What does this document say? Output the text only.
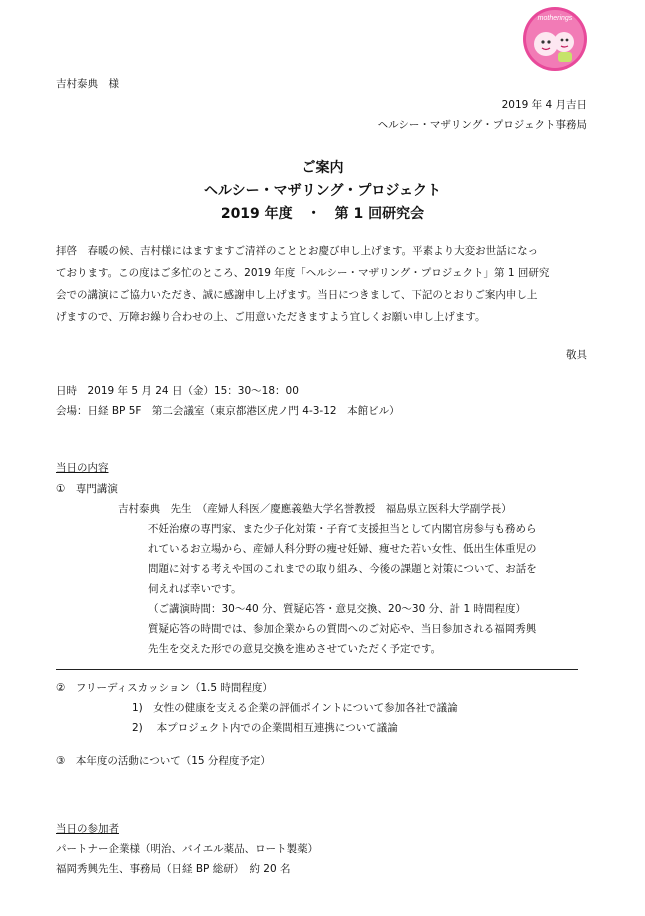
motherings
吉村泰典　様
2019 年 4 月吉日
ヘルシー・マザリング・プロジェクト事務局
ご案内
ヘルシー・マザリング・プロジェクト
2019 年度　・　第 1 回研究会
拝啓　春暖の候、吉村様にはますますご清祥のこととお慶び申し上げます。平素より大変お世話になっ
ております。この度はご多忙のところ、2019 年度「ヘルシー・マザリング・プロジェクト」第 1 回研究
会での講演にご協力いただき、誠に感謝申し上げます。当日につきまして、下記のとおりご案内申し上
げますので、万障お繰り合わせの上、ご用意いただきますよう宜しくお願い申し上げます。
敬具
日時　2019 年 5 月 24 日（金）15：30〜18：00
会場：日経 BP 5F　第二会議室（東京都港区虎ノ門 4-3-12　本館ビル）
当日の内容
①　専門講演
吉村泰典　先生　（産婦人科医／慶應義塾大学名誉教授　福島県立医科大学副学長）
不妊治療の専門家、また少子化対策・子育て支援担当として内閣官房参与も務めら
れているお立場から、産婦人科分野の痩せ妊婦、痩せた若い女性、低出生体重児の
問題に対する考えや国のこれまでの取り組み、今後の課題と対策について、お話を
伺えれば幸いです。
（ご講演時間：30〜40 分、質疑応答・意見交換、20〜30 分、計 1 時間程度）
質疑応答の時間では、参加企業からの質問へのご対応や、当日参加される福岡秀興
先生を交えた形での意見交換を進めさせていただく予定です。
②　フリーディスカッション（1.5 時間程度）
1)　女性の健康を支える企業の評価ポイントについて参加各社で議論
2)　 本プロジェクト内での企業間相互連携について議論
③　本年度の活動について（15 分程度予定）
当日の参加者
パートナー企業様（明治、バイエル薬品、ロート製薬）
福岡秀興先生、事務局（日経 BP 総研）　約 20 名
